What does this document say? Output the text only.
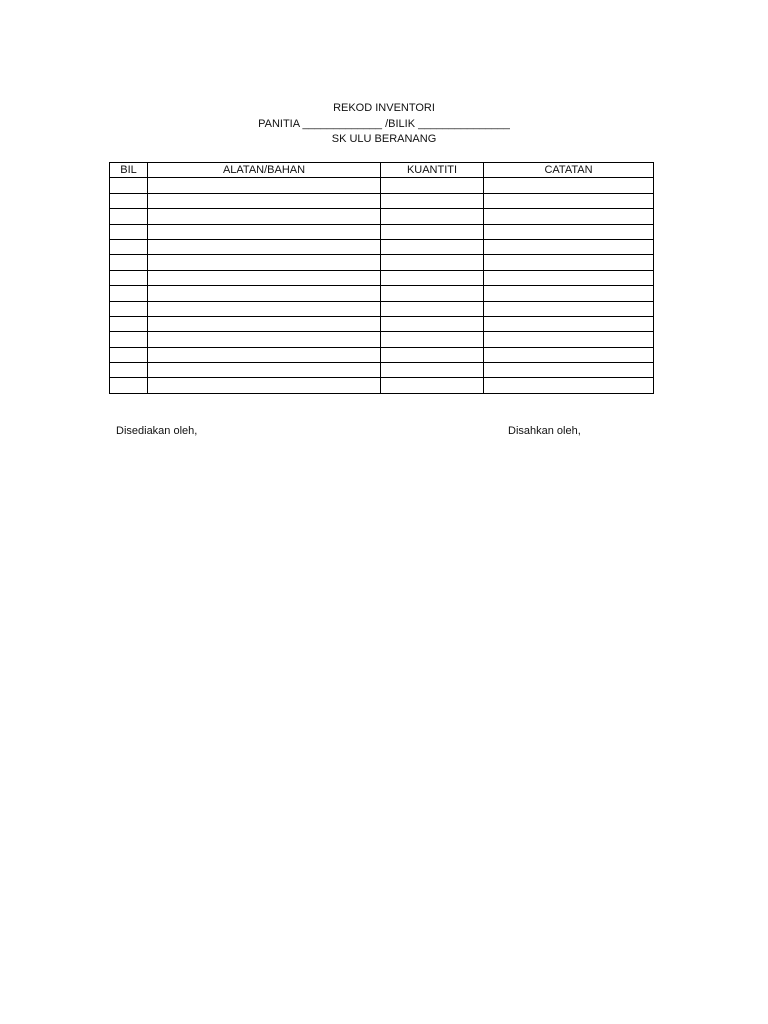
REKOD INVENTORI
PANITIA _____________ /BILIK _______________
SK ULU BERANANG
BIL	ALATAN/BAHAN	KUANTITI	CATATAN

Disediakan oleh,	Disahkan oleh,
